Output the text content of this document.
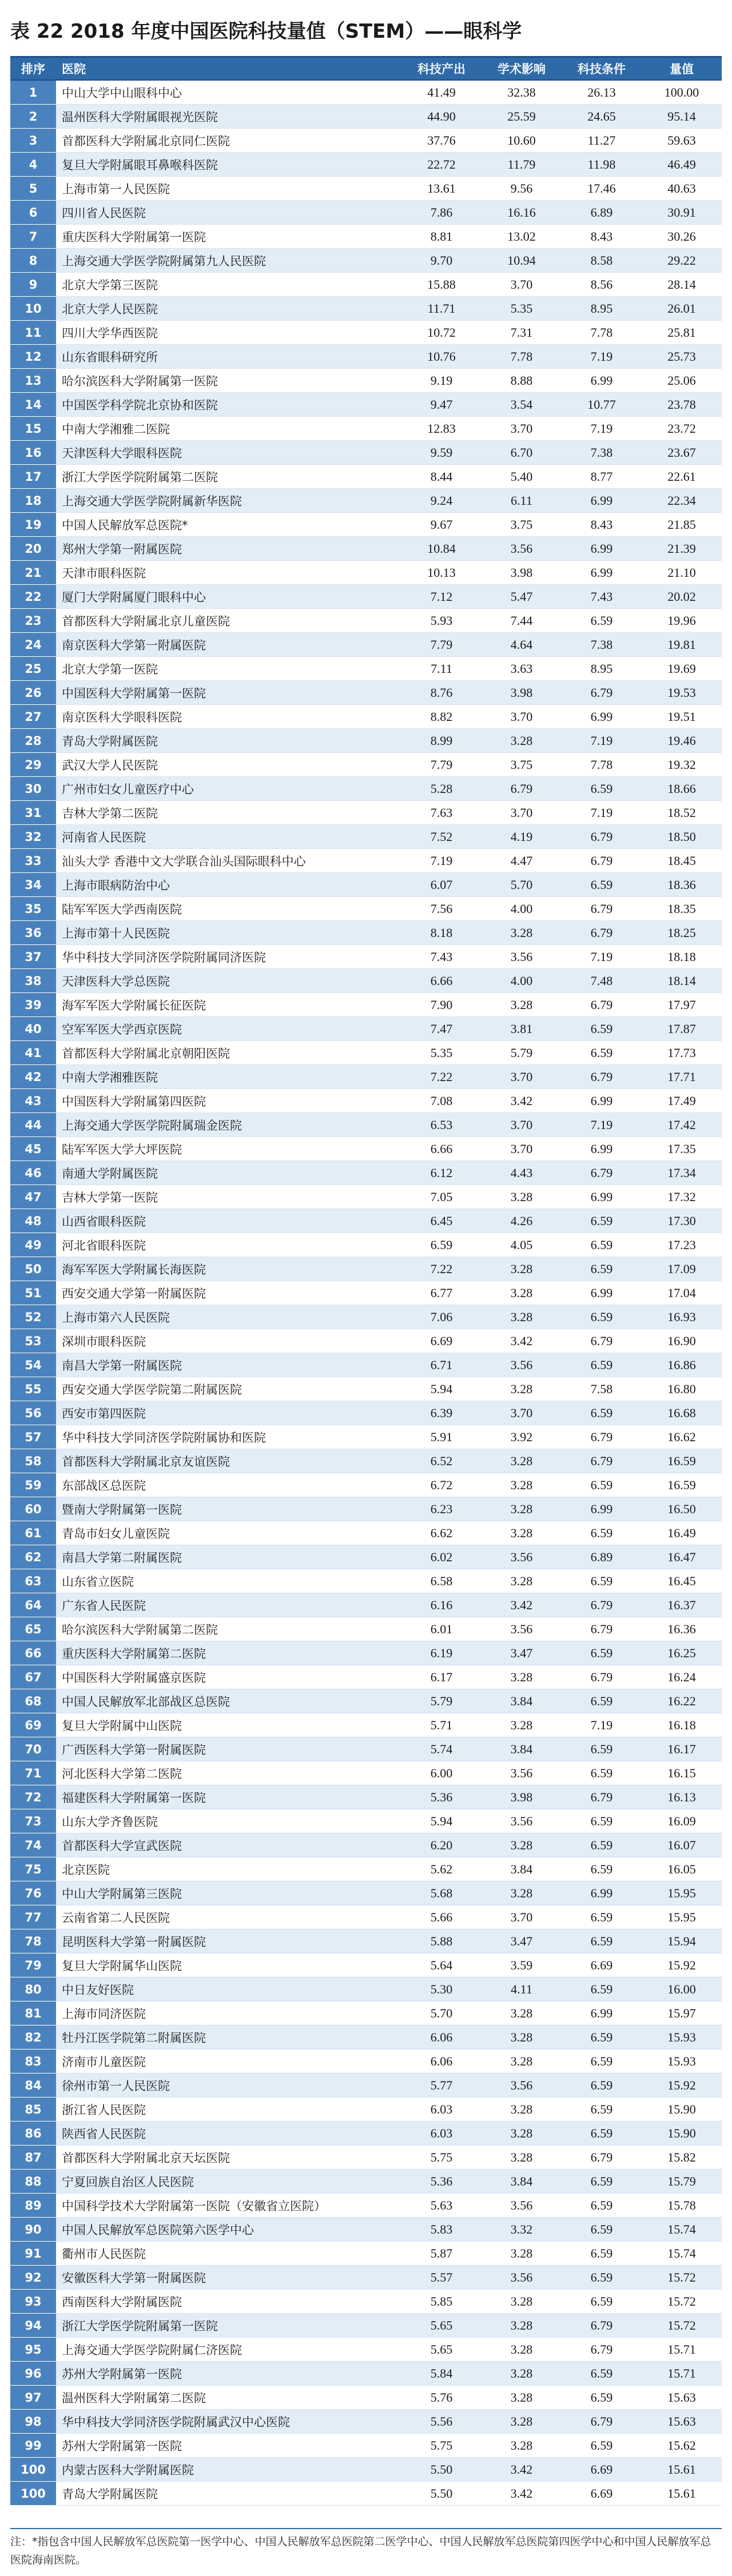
表 22 2018 年度中国医院科技量值（STEM）——眼科学
排序	医院	科技产出	学术影响	科技条件	量值
1	中山大学中山眼科中心	41.49	32.38	26.13	100.00
2	温州医科大学附属眼视光医院	44.90	25.59	24.65	95.14
3	首都医科大学附属北京同仁医院	37.76	10.60	11.27	59.63
4	复旦大学附属眼耳鼻喉科医院	22.72	11.79	11.98	46.49
5	上海市第一人民医院	13.61	9.56	17.46	40.63
6	四川省人民医院	7.86	16.16	6.89	30.91
7	重庆医科大学附属第一医院	8.81	13.02	8.43	30.26
8	上海交通大学医学院附属第九人民医院	9.70	10.94	8.58	29.22
9	北京大学第三医院	15.88	3.70	8.56	28.14
10	北京大学人民医院	11.71	5.35	8.95	26.01
11	四川大学华西医院	10.72	7.31	7.78	25.81
12	山东省眼科研究所	10.76	7.78	7.19	25.73
13	哈尔滨医科大学附属第一医院	9.19	8.88	6.99	25.06
14	中国医学科学院北京协和医院	9.47	3.54	10.77	23.78
15	中南大学湘雅二医院	12.83	3.70	7.19	23.72
16	天津医科大学眼科医院	9.59	6.70	7.38	23.67
17	浙江大学医学院附属第二医院	8.44	5.40	8.77	22.61
18	上海交通大学医学院附属新华医院	9.24	6.11	6.99	22.34
19	中国人民解放军总医院*	9.67	3.75	8.43	21.85
20	郑州大学第一附属医院	10.84	3.56	6.99	21.39
21	天津市眼科医院	10.13	3.98	6.99	21.10
22	厦门大学附属厦门眼科中心	7.12	5.47	7.43	20.02
23	首都医科大学附属北京儿童医院	5.93	7.44	6.59	19.96
24	南京医科大学第一附属医院	7.79	4.64	7.38	19.81
25	北京大学第一医院	7.11	3.63	8.95	19.69
26	中国医科大学附属第一医院	8.76	3.98	6.79	19.53
27	南京医科大学眼科医院	8.82	3.70	6.99	19.51
28	青岛大学附属医院	8.99	3.28	7.19	19.46
29	武汉大学人民医院	7.79	3.75	7.78	19.32
30	广州市妇女儿童医疗中心	5.28	6.79	6.59	18.66
31	吉林大学第二医院	7.63	3.70	7.19	18.52
32	河南省人民医院	7.52	4.19	6.79	18.50
33	汕头大学 香港中文大学联合汕头国际眼科中心	7.19	4.47	6.79	18.45
34	上海市眼病防治中心	6.07	5.70	6.59	18.36
35	陆军军医大学西南医院	7.56	4.00	6.79	18.35
36	上海市第十人民医院	8.18	3.28	6.79	18.25
37	华中科技大学同济医学院附属同济医院	7.43	3.56	7.19	18.18
38	天津医科大学总医院	6.66	4.00	7.48	18.14
39	海军军医大学附属长征医院	7.90	3.28	6.79	17.97
40	空军军医大学西京医院	7.47	3.81	6.59	17.87
41	首都医科大学附属北京朝阳医院	5.35	5.79	6.59	17.73
42	中南大学湘雅医院	7.22	3.70	6.79	17.71
43	中国医科大学附属第四医院	7.08	3.42	6.99	17.49
44	上海交通大学医学院附属瑞金医院	6.53	3.70	7.19	17.42
45	陆军军医大学大坪医院	6.66	3.70	6.99	17.35
46	南通大学附属医院	6.12	4.43	6.79	17.34
47	吉林大学第一医院	7.05	3.28	6.99	17.32
48	山西省眼科医院	6.45	4.26	6.59	17.30
49	河北省眼科医院	6.59	4.05	6.59	17.23
50	海军军医大学附属长海医院	7.22	3.28	6.59	17.09
51	西安交通大学第一附属医院	6.77	3.28	6.99	17.04
52	上海市第六人民医院	7.06	3.28	6.59	16.93
53	深圳市眼科医院	6.69	3.42	6.79	16.90
54	南昌大学第一附属医院	6.71	3.56	6.59	16.86
55	西安交通大学医学院第二附属医院	5.94	3.28	7.58	16.80
56	西安市第四医院	6.39	3.70	6.59	16.68
57	华中科技大学同济医学院附属协和医院	5.91	3.92	6.79	16.62
58	首都医科大学附属北京友谊医院	6.52	3.28	6.79	16.59
59	东部战区总医院	6.72	3.28	6.59	16.59
60	暨南大学附属第一医院	6.23	3.28	6.99	16.50
61	青岛市妇女儿童医院	6.62	3.28	6.59	16.49
62	南昌大学第二附属医院	6.02	3.56	6.89	16.47
63	山东省立医院	6.58	3.28	6.59	16.45
64	广东省人民医院	6.16	3.42	6.79	16.37
65	哈尔滨医科大学附属第二医院	6.01	3.56	6.79	16.36
66	重庆医科大学附属第二医院	6.19	3.47	6.59	16.25
67	中国医科大学附属盛京医院	6.17	3.28	6.79	16.24
68	中国人民解放军北部战区总医院	5.79	3.84	6.59	16.22
69	复旦大学附属中山医院	5.71	3.28	7.19	16.18
70	广西医科大学第一附属医院	5.74	3.84	6.59	16.17
71	河北医科大学第二医院	6.00	3.56	6.59	16.15
72	福建医科大学附属第一医院	5.36	3.98	6.79	16.13
73	山东大学齐鲁医院	5.94	3.56	6.59	16.09
74	首都医科大学宣武医院	6.20	3.28	6.59	16.07
75	北京医院	5.62	3.84	6.59	16.05
76	中山大学附属第三医院	5.68	3.28	6.99	15.95
77	云南省第二人民医院	5.66	3.70	6.59	15.95
78	昆明医科大学第一附属医院	5.88	3.47	6.59	15.94
79	复旦大学附属华山医院	5.64	3.59	6.69	15.92
80	中日友好医院	5.30	4.11	6.59	16.00
81	上海市同济医院	5.70	3.28	6.99	15.97
82	牡丹江医学院第二附属医院	6.06	3.28	6.59	15.93
83	济南市儿童医院	6.06	3.28	6.59	15.93
84	徐州市第一人民医院	5.77	3.56	6.59	15.92
85	浙江省人民医院	6.03	3.28	6.59	15.90
86	陕西省人民医院	6.03	3.28	6.59	15.90
87	首都医科大学附属北京天坛医院	5.75	3.28	6.79	15.82
88	宁夏回族自治区人民医院	5.36	3.84	6.59	15.79
89	中国科学技术大学附属第一医院（安徽省立医院）	5.63	3.56	6.59	15.78
90	中国人民解放军总医院第六医学中心	5.83	3.32	6.59	15.74
91	衢州市人民医院	5.87	3.28	6.59	15.74
92	安徽医科大学第一附属医院	5.57	3.56	6.59	15.72
93	西南医科大学附属医院	5.85	3.28	6.59	15.72
94	浙江大学医学院附属第一医院	5.65	3.28	6.79	15.72
95	上海交通大学医学院附属仁济医院	5.65	3.28	6.79	15.71
96	苏州大学附属第一医院	5.84	3.28	6.59	15.71
97	温州医科大学附属第二医院	5.76	3.28	6.59	15.63
98	华中科技大学同济医学院附属武汉中心医院	5.56	3.28	6.79	15.63
99	苏州大学附属第一医院	5.75	3.28	6.59	15.62
100	内蒙古医科大学附属医院	5.50	3.42	6.69	15.61
100	青岛大学附属医院	5.50	3.42	6.69	15.61
注：*指包含中国人民解放军总医院第一医学中心、中国人民解放军总医院第二医学中心、中国人民解放军总医院第四医学中心和中国人民解放军总医院海南医院。
